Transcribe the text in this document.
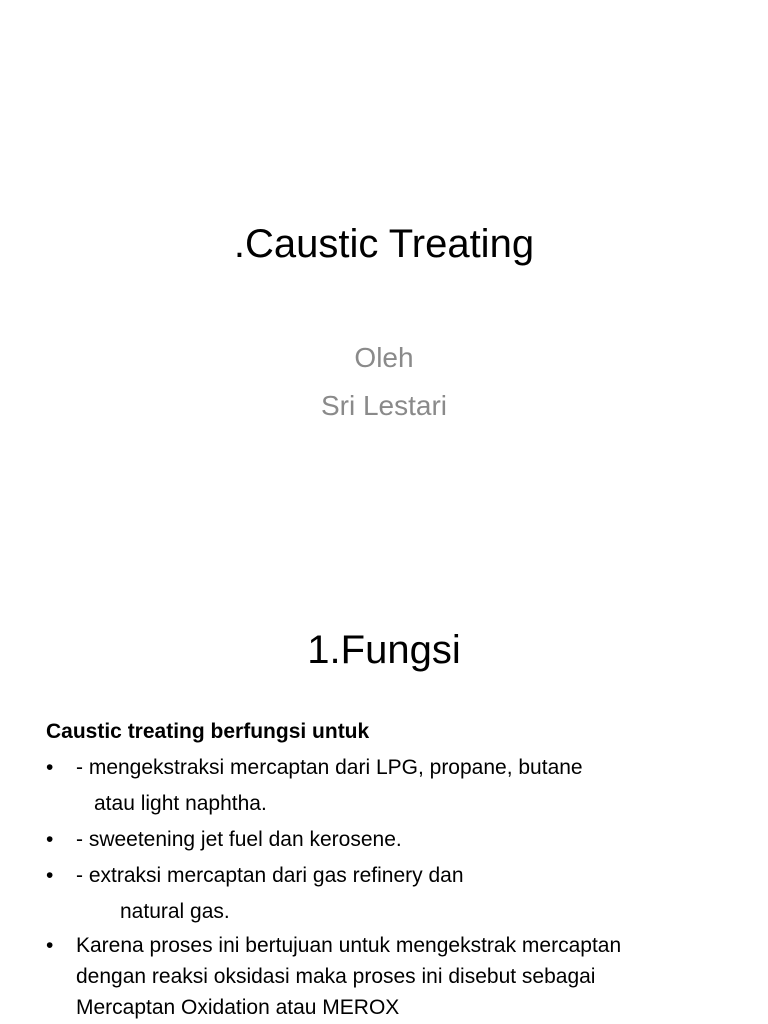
.Caustic Treating
Oleh
Sri Lestari
1.Fungsi
Caustic treating berfungsi untuk
• - mengekstraksi mercaptan dari LPG, propane, butane
atau light naphtha.
• - sweetening jet fuel dan kerosene.
• - extraksi mercaptan dari gas refinery dan
natural gas.
• Karena proses ini bertujuan untuk mengekstrak mercaptan
dengan reaksi oksidasi maka proses ini disebut sebagai
Mercaptan Oxidation atau MEROX
